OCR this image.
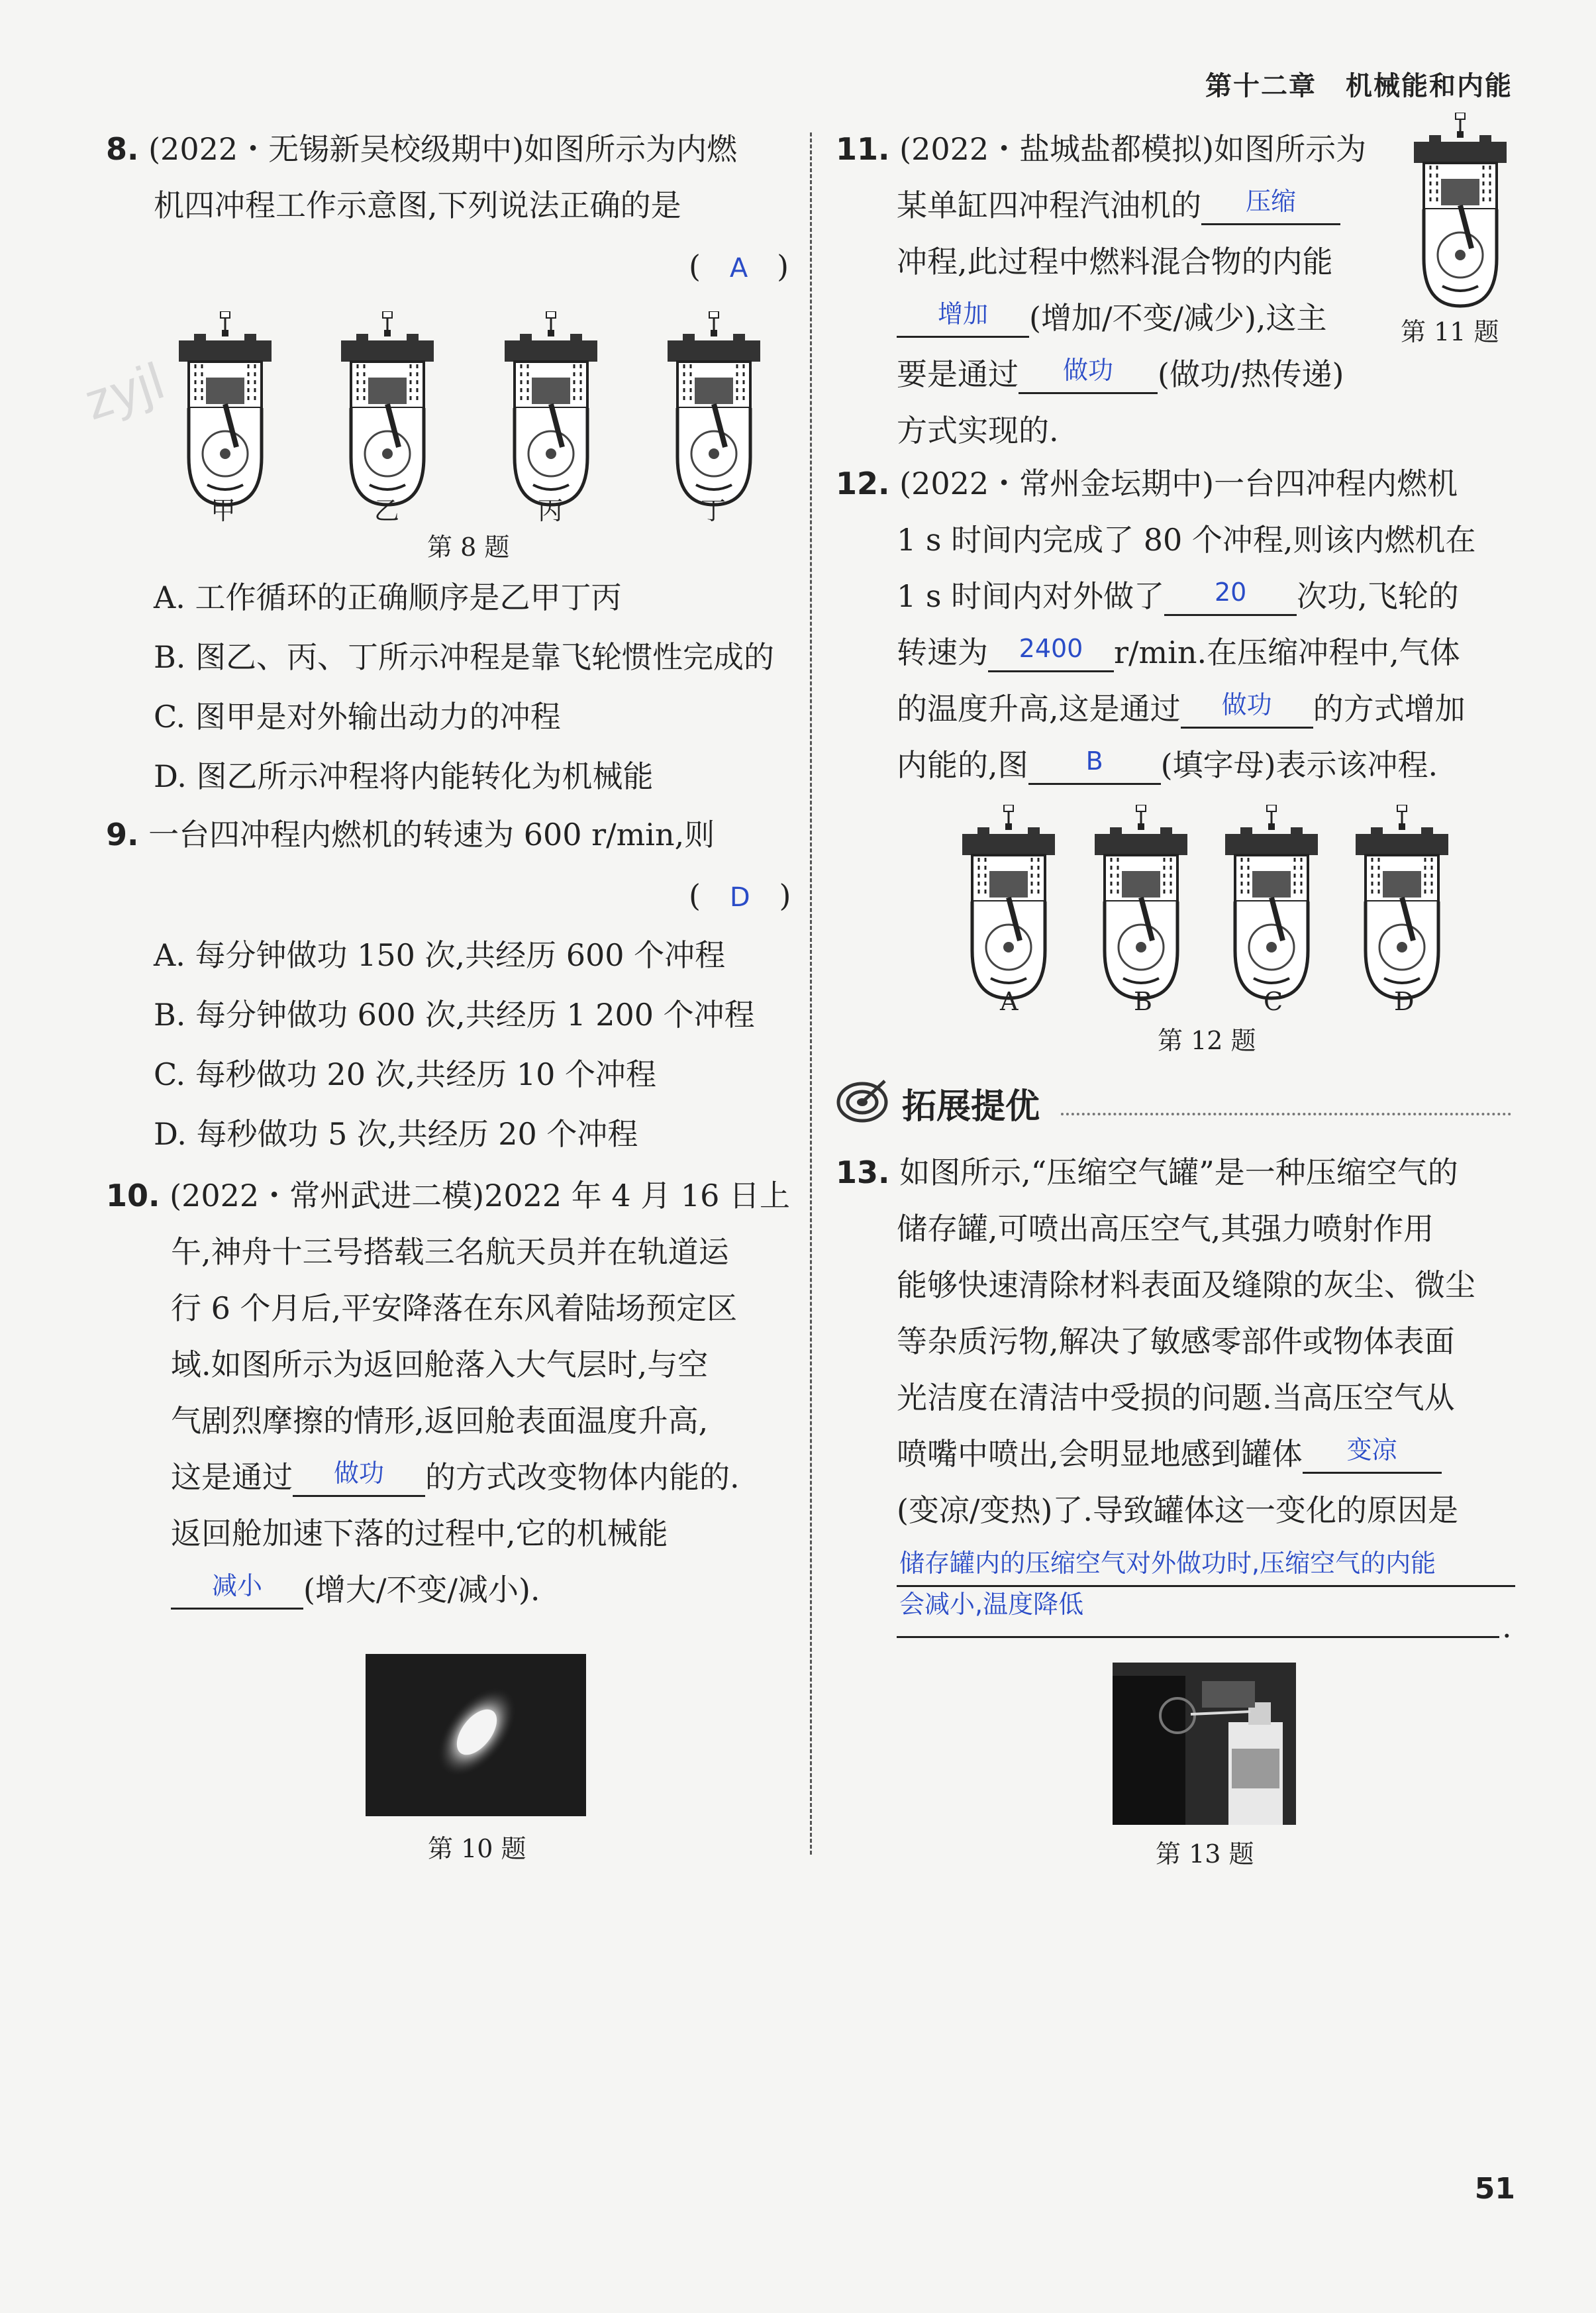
第十二章 机械能和内能
51
zyjl
8. (2022・无锡新吴校级期中)如图所示为内燃
机四冲程工作示意图,下列说法正确的是
( A )
甲	乙	丙	丁
第 8 题
A. 工作循环的正确顺序是乙甲丁丙
B. 图乙、丙、丁所示冲程是靠飞轮惯性完成的
C. 图甲是对外输出动力的冲程
D. 图乙所示冲程将内能转化为机械能
9. 一台四冲程内燃机的转速为 600 r/min,则
( D )
A. 每分钟做功 150 次,共经历 600 个冲程
B. 每分钟做功 600 次,共经历 1 200 个冲程
C. 每秒做功 20 次,共经历 10 个冲程
D. 每秒做功 5 次,共经历 20 个冲程
10. (2022・常州武进二模)2022 年 4 月 16 日上
午,神舟十三号搭载三名航天员并在轨道运
行 6 个月后,平安降落在东风着陆场预定区
域.如图所示为返回舱落入大气层时,与空
气剧烈摩擦的情形,返回舱表面温度升高,
这是通过 $^{做功}$ 的方式改变物体内能的.
返回舱加速下落的过程中,它的机械能
$^{减小}$ (增大/不变/减小).
第 10 题
11. (2022・盐城盐都模拟)如图所示为
某单缸四冲程汽油机的 $^{压缩}$
冲程,此过程中燃料混合物的内能
$^{增加}$ (增加/不变/减少),这主
要是通过 $^{做功}$ (做功/热传递)
方式实现的.
第 11 题
12. (2022・常州金坛期中)一台四冲程内燃机
1 s 时间内完成了 80 个冲程,则该内燃机在
1 s 时间内对外做了 $^{20}$ 次功,飞轮的
转速为 $^{2400}$ r/min.在压缩冲程中,气体
的温度升高,这是通过 $^{做功}$ 的方式增加
内能的,图 $^B$ (填字母)表示该冲程.
A	B	C	D
第 12 题
拓展提优
13. 如图所示,“压缩空气罐”是一种压缩空气的
储存罐,可喷出高压空气,其强力喷射作用
能够快速清除材料表面及缝隙的灰尘、微尘
等杂质污物,解决了敏感零部件或物体表面
光洁度在清洁中受损的问题.当高压空气从
喷嘴中喷出,会明显地感到罐体 $^{变凉}$
(变凉/变热)了.导致罐体这一变化的原因是
储存罐内的压缩空气对外做功时,压缩空气的内能
会减小,温度降低
.
第 13 题
